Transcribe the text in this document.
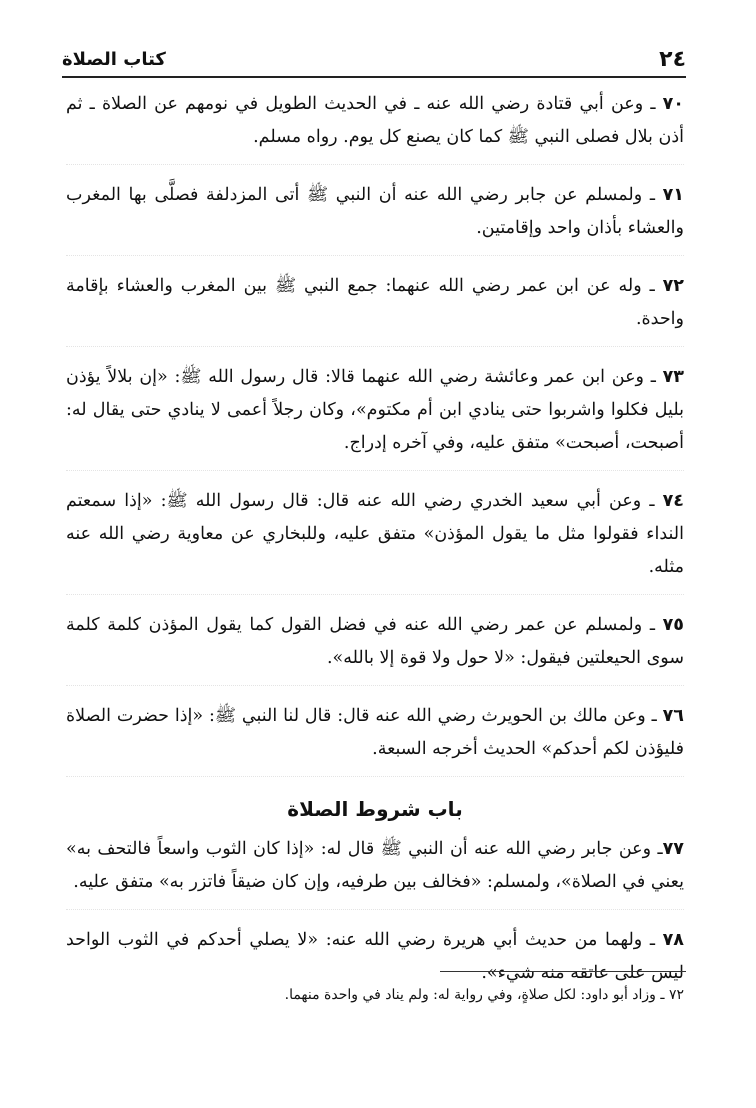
٢٤
كتاب الصلاة

٧٠ ـ وعن أبي قتادة رضي الله عنه ـ في الحديث الطويل في نومهم عن الصلاة ـ ثم أذن بلال فصلى النبي ﷺ كما كان يصنع كل يوم. رواه مسلم.

٧١ ـ ولمسلم عن جابر رضي الله عنه أن النبي ﷺ أتى المزدلفة فصلَّى بها المغرب والعشاء بأذان واحد وإقامتين.

٧٢ ـ وله عن ابن عمر رضي الله عنهما: جمع النبي ﷺ بين المغرب والعشاء بإقامة واحدة.

٧٣ ـ وعن ابن عمر وعائشة رضي الله عنهما قالا: قال رسول الله ﷺ: «إن بلالاً يؤذن بليل فكلوا واشربوا حتى ينادي ابن أم مكتوم»، وكان رجلاً أعمى لا ينادي حتى يقال له: أصبحت، أصبحت» متفق عليه، وفي آخره إدراج.

٧٤ ـ وعن أبي سعيد الخدري رضي الله عنه قال: قال رسول الله ﷺ: «إذا سمعتم النداء فقولوا مثل ما يقول المؤذن» متفق عليه، وللبخاري عن معاوية رضي الله عنه مثله.

٧٥ ـ ولمسلم عن عمر رضي الله عنه في فضل القول كما يقول المؤذن كلمة كلمة سوى الحيعلتين فيقول: «لا حول ولا قوة إلا بالله».

٧٦ ـ وعن مالك بن الحويرث رضي الله عنه قال: قال لنا النبي ﷺ: «إذا حضرت الصلاة فليؤذن لكم أحدكم» الحديث أخرجه السبعة.

باب شروط الصلاة

٧٧ـ وعن جابر رضي الله عنه أن النبي ﷺ قال له: «إذا كان الثوب واسعاً فالتحف به» يعني في الصلاة»، ولمسلم: «فخالف بين طرفيه، وإن كان ضيقاً فاتزر به» متفق عليه.

٧٨ ـ ولهما من حديث أبي هريرة رضي الله عنه: «لا يصلي أحدكم في الثوب الواحد ليس على عاتقه منه شيء».

٧٢ ـ وزاد أبو داود: لكل صلاةٍ، وفي رواية له: ولم يناد في واحدة منهما.
